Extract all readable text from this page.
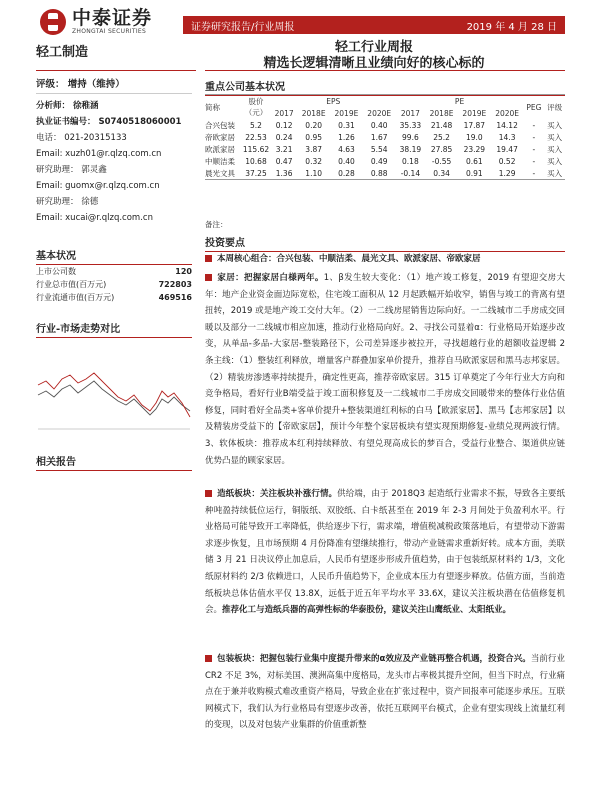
中泰证券
ZHONGTAI SECURITIES	证券研究报告/行业周报	2019 年 4 月 28 日
轻工制造	轻工行业周报
精选长逻辑清晰且业绩向好的核心标的
评级： 增持（维持）
分析师： 徐稚涵
执业证书编号： S0740518060001
电话： 021-20315133
Email: xuzh01@r.qlzq.com.cn
研究助理： 郭灵鑫
Email: guomx@r.qlzq.com.cn
研究助理： 徐德
Email: xucai@r.qlzq.com.cn
基本状况
上市公司数	120
行业总市值(百万元)	722803
行业流通市值(百万元)	469516
行业-市场走势对比
相关报告
重点公司基本状况
简称	股价（元）	EPS				PE				PEG	评级
		2017	2018E	2019E	2020E	2017	2018E	2019E	2020E		
合兴包装	5.2	0.12	0.20	0.31	0.40	35.33	21.48	17.87	14.12	-	买入
帝欧家居	22.53	0.24	0.95	1.26	1.67	99.6	25.2	19.0	14.3	-	买入
欧派家居	115.62	3.21	3.87	4.63	5.54	38.19	27.85	23.29	19.47	-	买入
中顺洁柔	10.68	0.47	0.32	0.40	0.49	0.18	-0.55	0.61	0.52	-	买入
晨光文具	37.25	1.36	1.10	0.28	0.88	-0.14	0.34	0.91	1.29	-	买入
备注：
投资要点
本周核心组合：合兴包装、中顺洁柔、晨光文具、欧派家居、帝欧家居
家居：把握家居白様两年。1、β发生较大变化：（1）地产竣工修复，2019 有望迎交房大年：地产企业资金面边际宽松，住宅竣工面积从 12 月起跌幅开始收窄，销售与竣工的背离有望扭转，2019 或是地产竣工交付大年。（2）一二线房屋销售边际向好。一二线城市二手房成交回暖以及部分一二线城市相应加速，推动行业格局向好。2、寻找公司显着α：行业格局开始逐步改变，从单品-多品-大家居-整装路径下，公司差异逐步被拉开，寻找超越行业的超额收益逻辑 2 条主线：（1）整装红利释放，增量客户群叠加家单价提升，推荐自马欧派家居和黑马志邦家居。（2）精装房渗透率持续提升，确定性更高，推荐帝欧家居。315 订单奠定了今年行业大方向和竞争格局，看好行业B端受益于竣工面积修复及一二线城市二手房成交回暖带来的整体行业估值修复，同时看好全品类+客单价提升+整装渠道红利标的白马【欧派家居】、黑马【志邦家居】以及精装房受益下的【帝欧家居】，预计今年整个家居板块有望实现预期修复-业绩兑现两波行情。3、软体板块：推荐成本红利持续释放、有望兑现高成长的梦百合，受益行业整合、渠道供应链优势凸显的顾家家居。
造纸板块：关注板块补涨行情。供给端，由于 2018Q3 起造纸行业需求不振，导致各主要纸种吨盈持续低位运行，铜版纸、双胶纸、白卡纸甚至在 2019 年 2-3 月间处于负盈利水平。行业格局可能导致开工率降低，供给逐步下行，需求端，增值税减税政策落地后，有望带动下游需求逐步恢复，且市场预期 4 月份降准有望继续推行，带动产业链需求重新好转。成本方面，美联储 3 月 21 日决议停止加息后，人民币有望逐步形成升值趋势，由于包装纸原材料约 1/3，文化纸原材料约 2/3 依赖进口，人民币升值趋势下，企业成本压力有望逐步释放。估值方面，当前造纸板块总体估值水平仅 13.8X，远低于近五年平均水平 33.6X，建议关注板块潜在估值修复机会。推荐化工与造纸兵器的高弹性标的华泰股份，建议关注山鹰纸业、太阳纸业。
包装板块：把握包装行业集中度提升带来的α效应及产业链再整合机遇，投资合兴。当前行业 CR2 不足 3%，对标美国、澳洲高集中度格局，龙头市占率极其提升空间，但当下时点，行业痛点在于兼并收购模式难改重资产格局，导致企业在扩张过程中，资产回报率可能逐步承压。互联网模式下，我们认为行业格局有望逐步改善，依托互联网平台模式，企业有望实现线上流量红利的变现，以及对包装产业集群的价值重新整
